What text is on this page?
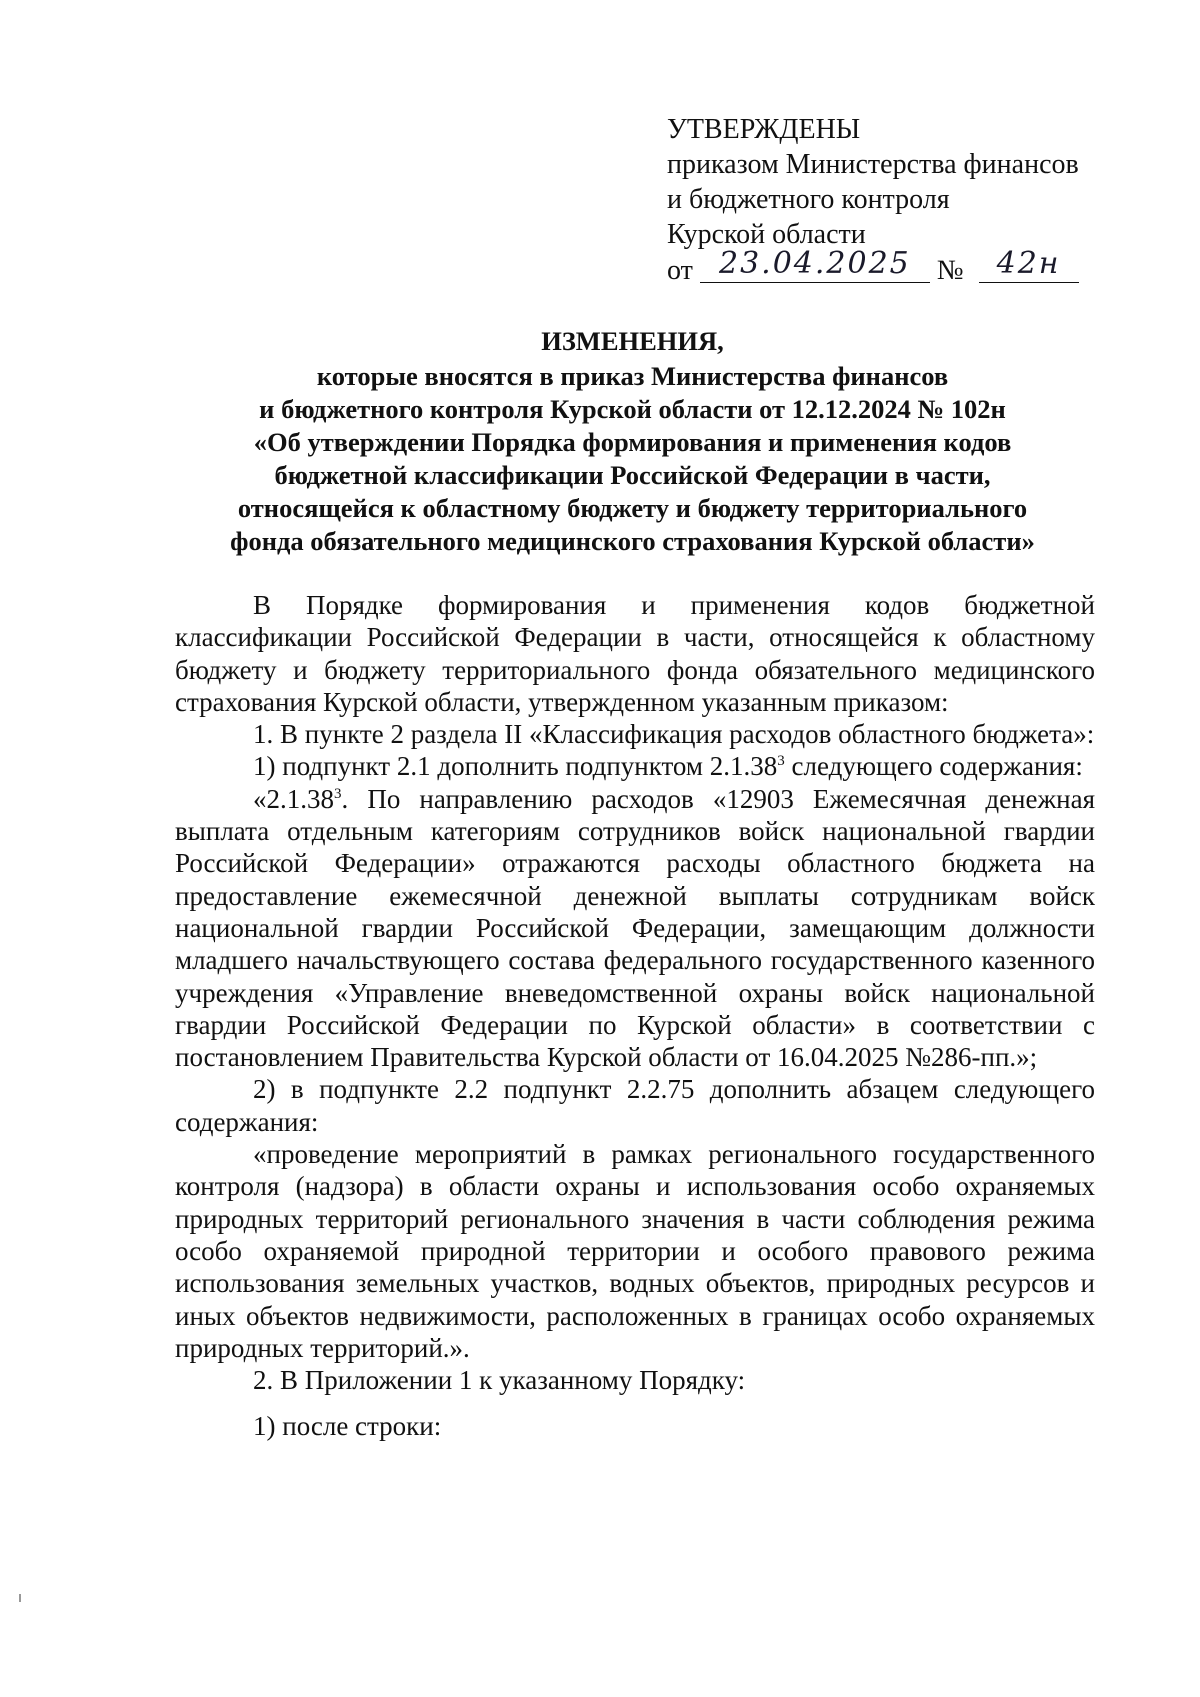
УТВЕРЖДЕНЫ
приказом Министерства финансов
и бюджетного контроля
Курской области
от 23.04.2025 № 42н
ИЗМЕНЕНИЯ,
которые вносятся в приказ Министерства финансов
и бюджетного контроля Курской области от 12.12.2024 № 102н
«Об утверждении Порядка формирования и применения кодов
бюджетной классификации Российской Федерации в части,
относящейся к областному бюджету и бюджету территориального
фонда обязательного медицинского страхования Курской области»

В Порядке формирования и применения кодов бюджетной классификации Российской Федерации в части, относящейся к областному бюджету и бюджету территориального фонда обязательного медицинского страхования Курской области, утвержденном указанным приказом:

1. В пункте 2 раздела II «Классификация расходов областного бюджета»:

1) подпункт 2.1 дополнить подпунктом 2.1.38$^3$ следующего содержания:

«2.1.38$^3$. По направлению расходов «12903 Ежемесячная денежная выплата отдельным категориям сотрудников войск национальной гвардии Российской Федерации» отражаются расходы областного бюджета на предоставление ежемесячной денежной выплаты сотрудникам войск национальной гвардии Российской Федерации, замещающим должности младшего начальствующего состава федерального государственного казенного учреждения «Управление вневедомственной охраны войск национальной гвардии Российской Федерации по Курской области» в соответствии с постановлением Правительства Курской области от 16.04.2025 №286-пп.»;

2) в подпункте 2.2 подпункт 2.2.75 дополнить абзацем следующего содержания:

«проведение мероприятий в рамках регионального государственного контроля (надзора) в области охраны и использования особо охраняемых природных территорий регионального значения в части соблюдения режима особо охраняемой природной территории и особого правового режима использования земельных участков, водных объектов, природных ресурсов и иных объектов недвижимости, расположенных в границах особо охраняемых природных территорий.».

2. В Приложении 1 к указанному Порядку:

1) после строки:
